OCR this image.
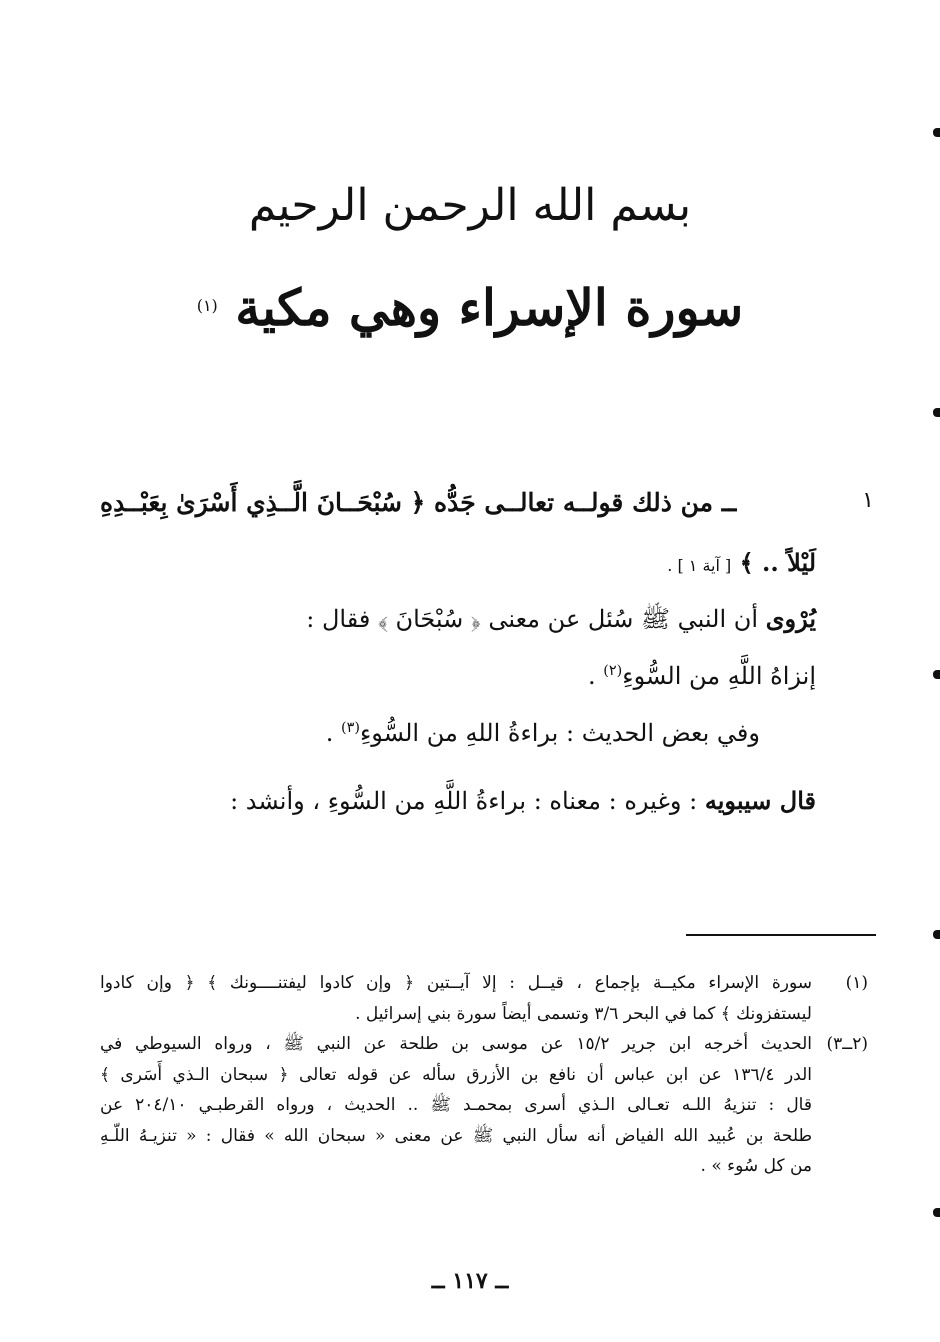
بسم الله الرحمن الرحيم
سورة الإسراء وهي مكية $^{(١)}$
١
ــ من ذلك قولــه تعالــى جَدُّه ﴿ سُبْحَــانَ الَّــذِي أَسْرَىٰ بِعَبْــدِهِ
لَيْلاً .. ﴾ [ آية ١ ] .
يُرْوى أن النبي ﷺ سُئل عن معنى ﴿ سُبْحَانَ ﴾ فقال :
إنزاهُ اللَّهِ من السُّوءِ$^{(٢)}$ .
وفي بعض الحديث : براءةُ اللهِ من السُّوءِ$^{(٣)}$ .
قال سيبويه : وغيره : معناه : براءةُ اللَّهِ من السُّوءِ ، وأنشد :
(١)
سورة الإسراء مكيــة بإجماع ، قيــل : إلا آيــتين ﴿ وإن كادوا ليفتنــــونك ﴾ ﴿ وإن كادوا
ليستفزونك ﴾ كما في البحر ٣/٦ وتسمى أيضاً سورة بني إسرائيل .
(٢ــ٣)
الحديث أخرجه ابن جرير ١٥/٢ عن موسى بن طلحة عن النبي ﷺ ، ورواه السيوطي في
الدر ١٣٦/٤ عن ابن عباس أن نافع بن الأزرق سأله عن قوله تعالى ﴿ سبحان الـذي أَسَرى ﴾
قال : تنزيهُ اللـه تعـالى الـذي أسرى بمحمـد ﷺ .. الحديث ، ورواه القرطبـي ٢٠٤/١٠ عن
طلحة بن عُبيد الله الفياض أنه سأل النبي ﷺ عن معنى « سبحان الله » فقال : « تنزيـهُ اللّـهِ
من كل سُوء » .
ــ ١١٧ ــ
